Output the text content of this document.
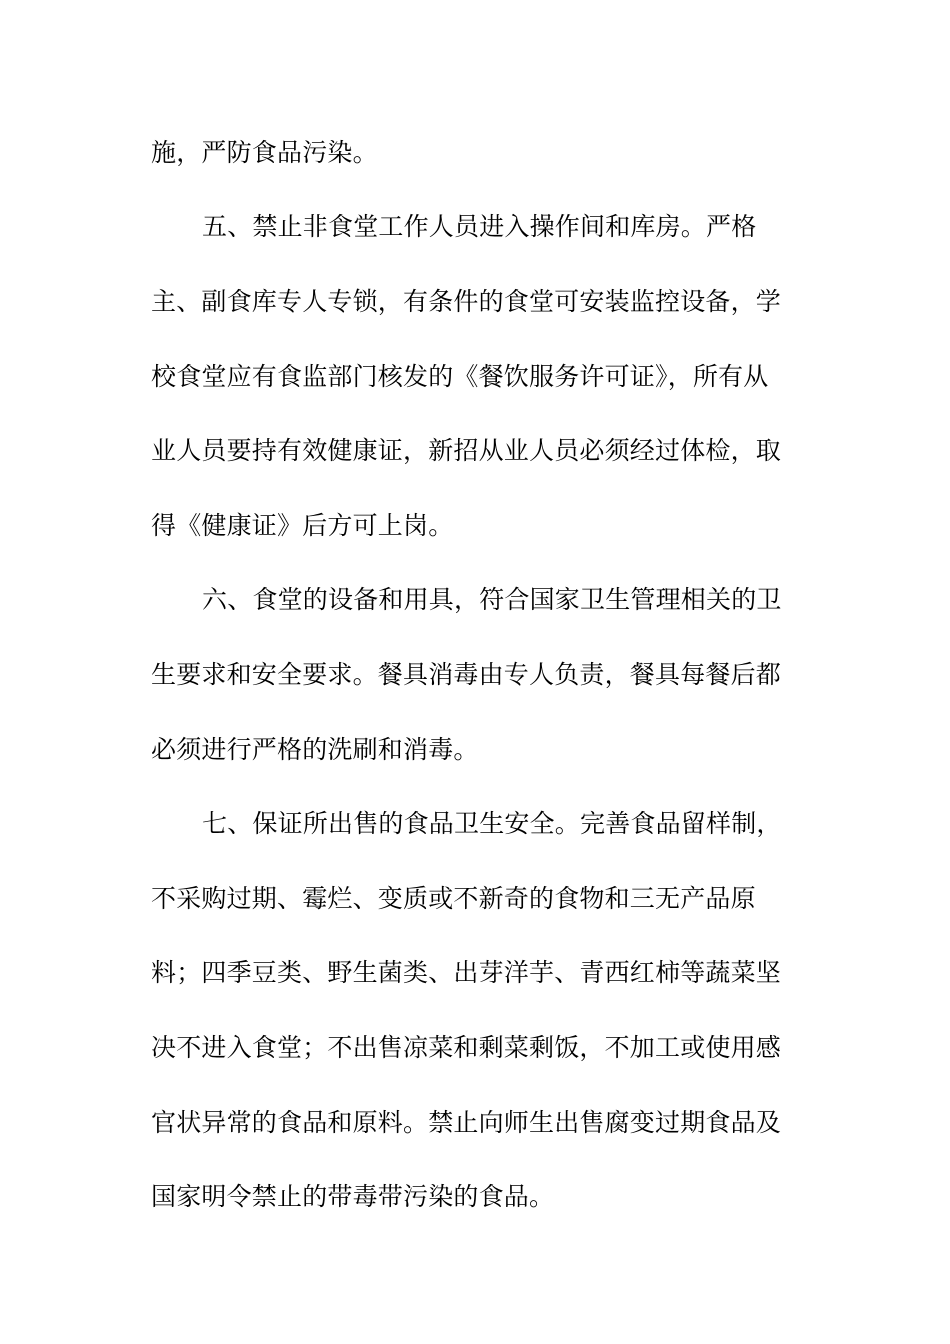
施，严防食品污染。
五、禁止非食堂工作人员进入操作间和库房。严格
主、副食库专人专锁，有条件的食堂可安装监控设备，学
校食堂应有食监部门核发的《餐饮服务许可证》，所有从
业人员要持有效健康证，新招从业人员必须经过体检，取
得《健康证》后方可上岗。
六、食堂的设备和用具，符合国家卫生管理相关的卫
生要求和安全要求。餐具消毒由专人负责，餐具每餐后都
必须进行严格的洗刷和消毒。
七、保证所出售的食品卫生安全。完善食品留样制，
不采购过期、霉烂、变质或不新奇的食物和三无产品原
料；四季豆类、野生菌类、出芽洋芋、青西红柿等蔬菜坚
决不进入食堂；不出售凉菜和剩菜剩饭，不加工或使用感
官状异常的食品和原料。禁止向师生出售腐变过期食品及
国家明令禁止的带毒带污染的食品。
